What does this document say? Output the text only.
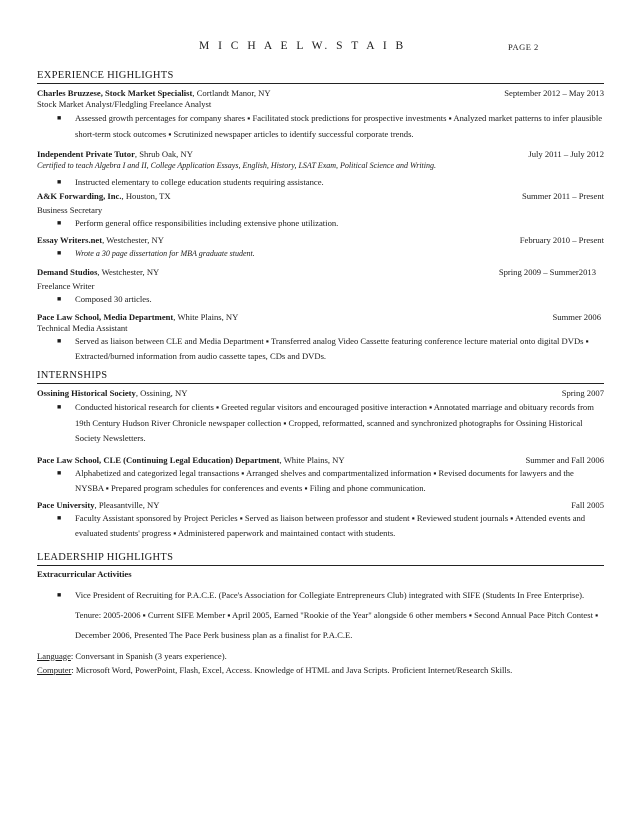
M I C H A E L W. S T A I B	PAGE 2
EXPERIENCE HIGHLIGHTS
Charles Bruzzese, Stock Market Specialist, Cortlandt Manor, NY	September 2012 – May 2013
Stock Market Analyst/Fledgling Freelance Analyst
■ Assessed growth percentages for company shares ▪ Facilitated stock predictions for prospective investments ▪ Analyzed market patterns to infer plausible short-term stock outcomes ▪ Scrutinized newspaper articles to identify successful corporate trends.
Independent Private Tutor, Shrub Oak, NY	July 2011 – July 2012
Certified to teach Algebra I and II, College Application Essays, English, History, LSAT Exam, Political Science and Writing.
■ Instructed elementary to college education students requiring assistance.
A&K Forwarding, Inc., Houston, TX	Summer 2011 – Present
Business Secretary
■ Perform general office responsibilities including extensive phone utilization.
Essay Writers.net, Westchester, NY	February 2010 – Present
■ Wrote a 30 page dissertation for MBA graduate student.
Demand Studios, Westchester, NY	Spring 2009 – Summer2013
Freelance Writer
■ Composed 30 articles.
Pace Law School, Media Department, White Plains, NY	Summer 2006
Technical Media Assistant
■ Served as liaison between CLE and Media Department ▪ Transferred analog Video Cassette featuring conference lecture material onto digital DVDs ▪ Extracted/burned information from audio cassette tapes, CDs and DVDs.
INTERNSHIPS
Ossining Historical Society, Ossining, NY	Spring 2007
■ Conducted historical research for clients ▪ Greeted regular visitors and encouraged positive interaction ▪ Annotated marriage and obituary records from 19th Century Hudson River Chronicle newspaper collection ▪ Cropped, reformatted, scanned and synchronized photographs for Ossining Historical Society Newsletters.
Pace Law School, CLE (Continuing Legal Education) Department, White Plains, NY	Summer and Fall 2006
■ Alphabetized and categorized legal transactions ▪ Arranged shelves and compartmentalized information ▪ Revised documents for lawyers and the NYSBA ▪ Prepared program schedules for conferences and events ▪ Filing and phone communication.
Pace University, Pleasantville, NY	Fall 2005
■ Faculty Assistant sponsored by Project Pericles ▪ Served as liaison between professor and student ▪ Reviewed student journals ▪ Attended events and evaluated students' progress ▪ Administered paperwork and maintained contact with students.
LEADERSHIP HIGHLIGHTS
Extracurricular Activities
■ Vice President of Recruiting for P.A.C.E. (Pace's Association for Collegiate Entrepreneurs Club) integrated with SIFE (Students In Free Enterprise). Tenure: 2005-2006 ▪ Current SIFE Member ▪ April 2005, Earned "Rookie of the Year" alongside 6 other members ▪ Second Annual Pace Pitch Contest ▪ December 2006, Presented The Pace Perk business plan as a finalist for P.A.C.E.
Language: Conversant in Spanish (3 years experience).
Computer: Microsoft Word, PowerPoint, Flash, Excel, Access. Knowledge of HTML and Java Scripts. Proficient Internet/Research Skills.
